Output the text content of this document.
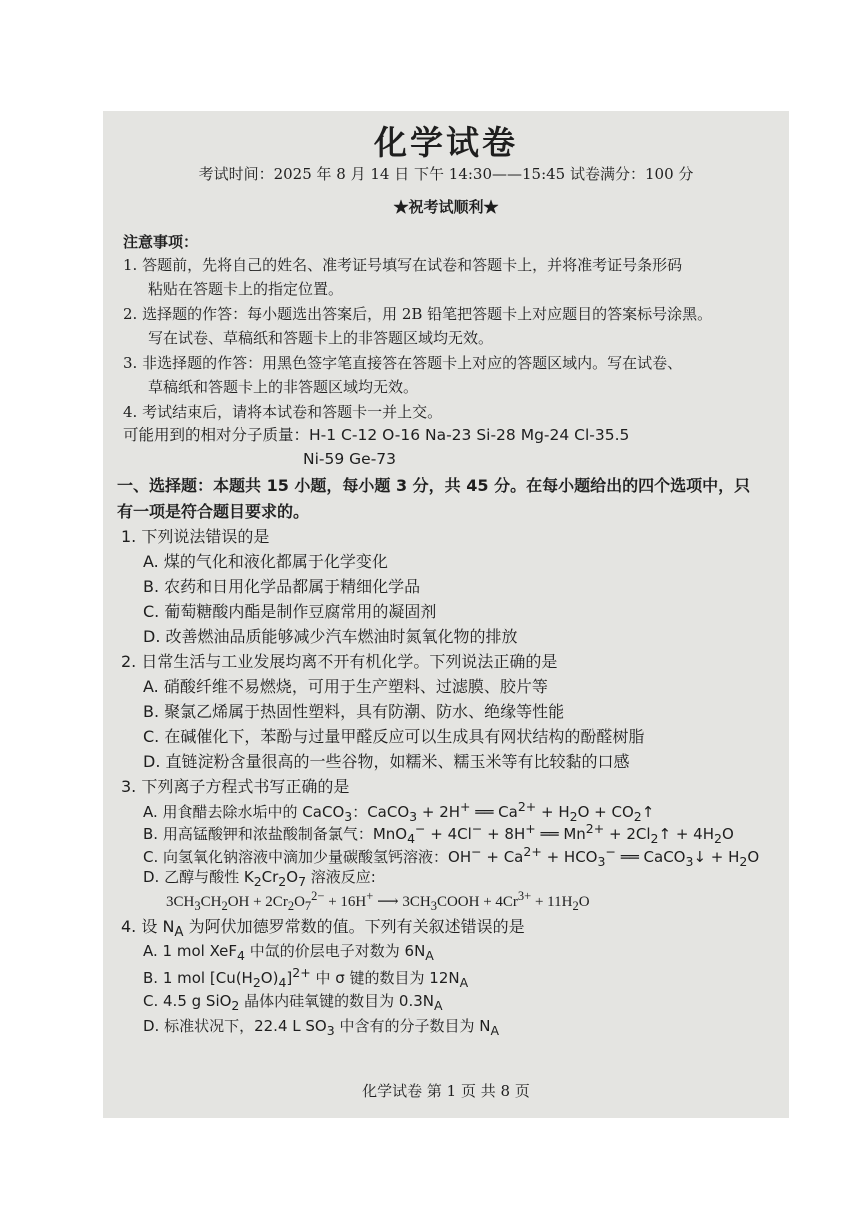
化学试卷
考试时间：2025 年 8 月 14 日 下午 14:30——15:45 试卷满分：100 分
★祝考试顺利★
注意事项：
1. 答题前，先将自己的姓名、准考证号填写在试卷和答题卡上，并将准考证号条形码
粘贴在答题卡上的指定位置。
2. 选择题的作答：每小题选出答案后，用 2B 铅笔把答题卡上对应题目的答案标号涂黑。
写在试卷、草稿纸和答题卡上的非答题区域均无效。
3. 非选择题的作答：用黑色签字笔直接答在答题卡上对应的答题区域内。写在试卷、
草稿纸和答题卡上的非答题区域均无效。
4. 考试结束后，请将本试卷和答题卡一并上交。
可能用到的相对分子质量：H-1 C-12 O-16 Na-23 Si-28 Mg-24 Cl-35.5
Ni-59 Ge-73
一、选择题：本题共 15 小题，每小题 3 分，共 45 分。在每小题给出的四个选项中，只
有一项是符合题目要求的。
1. 下列说法错误的是
A. 煤的气化和液化都属于化学变化
B. 农药和日用化学品都属于精细化学品
C. 葡萄糖酸内酯是制作豆腐常用的凝固剂
D. 改善燃油品质能够减少汽车燃油时氮氧化物的排放
2. 日常生活与工业发展均离不开有机化学。下列说法正确的是
A. 硝酸纤维不易燃烧，可用于生产塑料、过滤膜、胶片等
B. 聚氯乙烯属于热固性塑料，具有防潮、防水、绝缘等性能
C. 在碱催化下，苯酚与过量甲醛反应可以生成具有网状结构的酚醛树脂
D. 直链淀粉含量很高的一些谷物，如糯米、糯玉米等有比较黏的口感
3. 下列离子方程式书写正确的是
A. 用食醋去除水垢中的 CaCO$_3$：CaCO$_3$ + 2H+ ══ $Ca^{2+} + H_2O$ + $CO_2↑$
B. 用高锰酸钾和浓盐酸制备氯气：MnO$_4$− + 4Cl− + 8H+ ══ $Mn^{2+}$ + $2Cl_2↑ + 4H_2O$
C. 向氢氧化钠溶液中滴加少量碳酸氢钙溶液：$OH^- + Ca^{2+} + HCO_3^-$ ══ CaCO$_3$↓ + $H_2O$
D. 乙醇与酸性 $K_2Cr_2O_7$ 溶液反应:
$3CH_3CH_2OH + 2Cr_2O_7^{2-} + 16H^+$ ⟶ $3CH_3COOH + 4Cr^{3+} + 11H_2O$
4. 设 $N_A$ 为阿伏加德罗常数的值。下列有关叙述错误的是
A. 1 mol XeF$_4$ 中氙的价层电子对数为 $6N_A$
B. 1 mol $[Cu(H_2O)_4]^{2+}$ 中 σ 键的数目为 $12N_A$
C. 4.5 g SiO$_2$ 晶体内硅氧键的数目为 $0.3N_A$
D. 标准状况下，22.4 L $SO_3$ 中含有的分子数目为 $N_A$
化学试卷 第 1 页 共 8 页
